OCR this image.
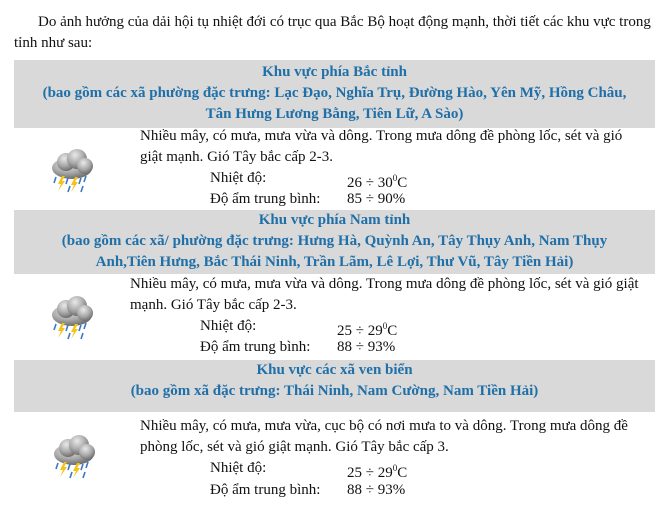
Do ảnh hưởng của dải hội tụ nhiệt đới có trục qua Bắc Bộ hoạt động mạnh, thời tiết các khu vực trong tỉnh như sau:
Khu vực phía Bắc tỉnh
(bao gồm các xã phường đặc trưng: Lạc Đạo, Nghĩa Trụ, Đường Hào, Yên Mỹ, Hồng Châu, Tân Hưng Lương Bằng, Tiên Lữ, A Sào)
Nhiều mây, có mưa, mưa vừa và dông. Trong mưa dông đề phòng lốc, sét và gió giật mạnh. Gió Tây bắc cấp 2-3.
Nhiệt độ:	$26 \div 30^0C$
Độ ẩm trung bình: 85 ÷ 90%
Khu vực phía Nam tỉnh
(bao gồm các xã/ phường đặc trưng: Hưng Hà, Quỳnh An, Tây Thụy Anh, Nam Thụy Anh,Tiên Hưng, Bắc Thái Ninh, Trần Lãm, Lê Lợi, Thư Vũ, Tây Tiền Hải)
Nhiều mây, có mưa, mưa vừa và dông. Trong mưa dông đề phòng lốc, sét và gió giật mạnh. Gió Tây bắc cấp 2-3.
Nhiệt độ:	$25 \div 29^0C$
Độ ẩm trung bình: 88 ÷ 93%
Khu vực các xã ven biển
(bao gồm xã đặc trưng: Thái Ninh, Nam Cường, Nam Tiền Hải)
Nhiều mây, có mưa, mưa vừa, cục bộ có nơi mưa to và dông. Trong mưa dông đề phòng lốc, sét và gió giật mạnh. Gió Tây bắc cấp 3.
Nhiệt độ:	$25 \div 29^0C$
Độ ẩm trung bình: 88 ÷ 93%
